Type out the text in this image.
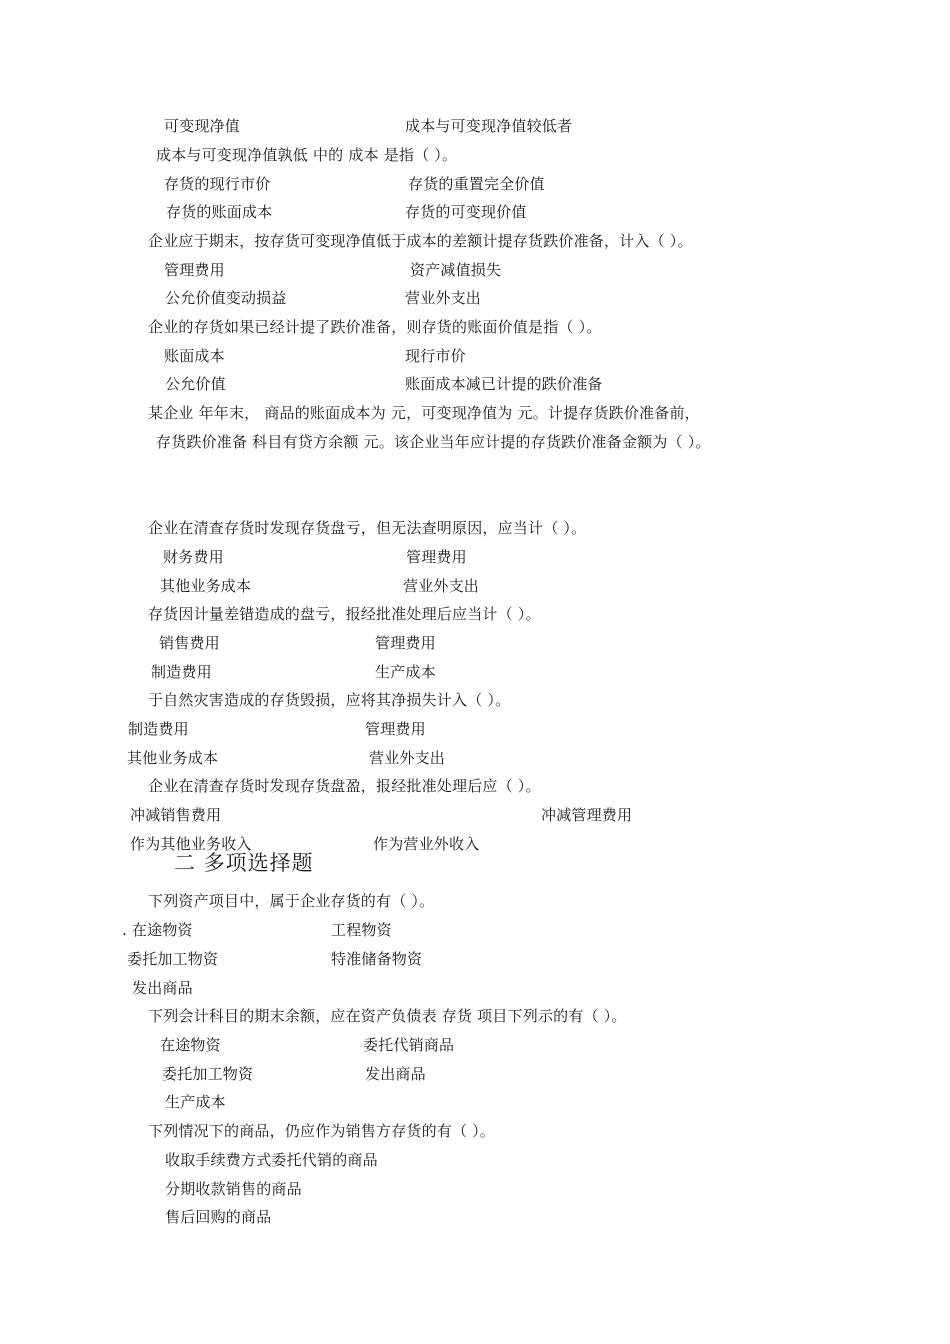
可变现净值	成本与可变现净值较低者
成本与可变现净值孰低 中的 成本 是指（ ）。
存货的现行市价	存货的重置完全价值
存货的账面成本	存货的可变现价值
企业应于期末，按存货可变现净值低于成本的差额计提存货跌价准备，计入（ ）。
管理费用	资产减值损失
公允价值变动损益	营业外支出
企业的存货如果已经计提了跌价准备，则存货的账面价值是指（ ）。
账面成本	现行市价
公允价值	账面成本减已计提的跌价准备
某企业 年年末， 商品的账面成本为 元，可变现净值为 元。计提存货跌价准备前，
存货跌价准备 科目有贷方余额 元。该企业当年应计提的存货跌价准备金额为（ ）。
企业在清查存货时发现存货盘亏，但无法查明原因，应当计（ ）。
财务费用	管理费用
其他业务成本	营业外支出
存货因计量差错造成的盘亏，报经批准处理后应当计（ ）。
销售费用	管理费用
制造费用	生产成本
于自然灾害造成的存货毁损，应将其净损失计入（ ）。
制造费用	管理费用
其他业务成本	营业外支出
企业在清查存货时发现存货盘盈，报经批准处理后应（ ）。
冲减销售费用	冲减管理费用
作为其他业务收入	作为营业外收入
二 多项选择题
下列资产项目中，属于企业存货的有（ ）。
. 在途物资	工程物资
委托加工物资	特准储备物资
发出商品
下列会计科目的期末余额，应在资产负债表 存货 项目下列示的有（ ）。
在途物资	委托代销商品
委托加工物资	发出商品
生产成本
下列情况下的商品，仍应作为销售方存货的有（ ）。
收取手续费方式委托代销的商品
分期收款销售的商品
售后回购的商品
